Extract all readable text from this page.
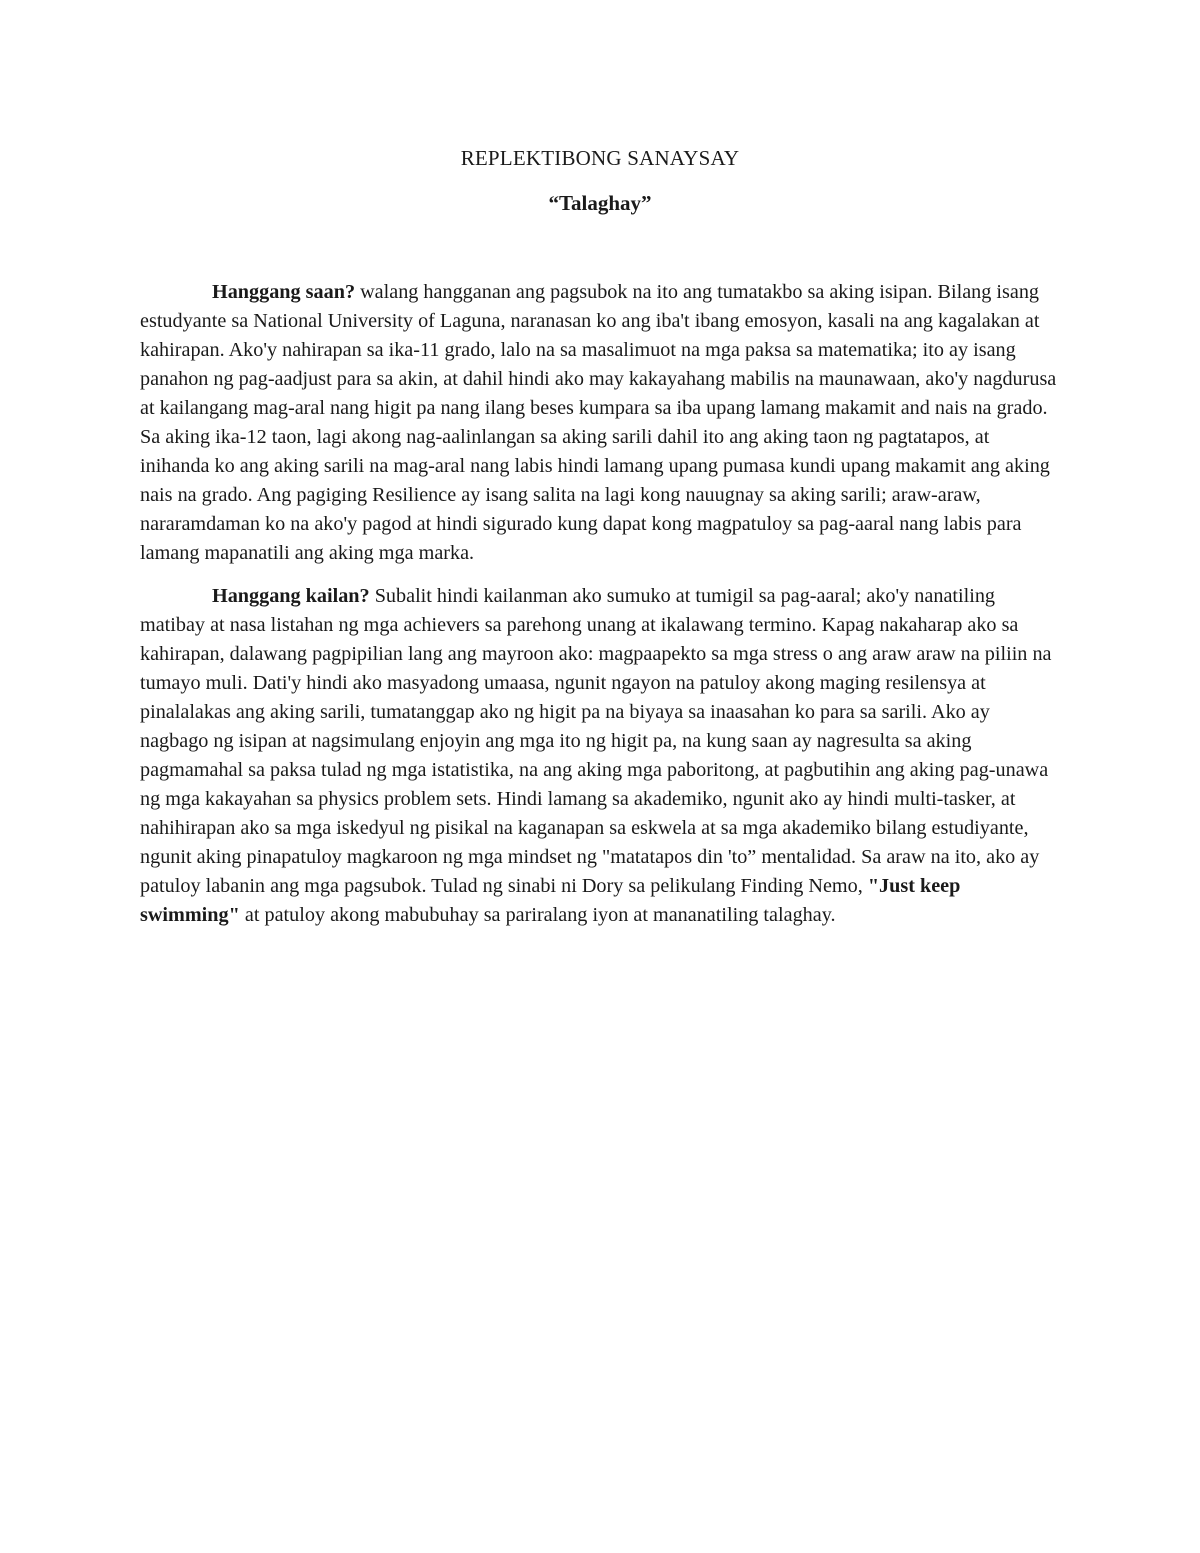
REPLEKTIBONG SANAYSAY
“Talaghay”

Hanggang saan? walang hangganan ang pagsubok na ito ang tumatakbo sa aking isipan. Bilang isang estudyante sa National University of Laguna, naranasan ko ang iba't ibang emosyon, kasali na ang kagalakan at kahirapan. Ako'y nahirapan sa ika-11 grado, lalo na sa masalimuot na mga paksa sa matematika; ito ay isang panahon ng pag-aadjust para sa akin, at dahil hindi ako may kakayahang mabilis na maunawaan, ako'y nagdurusa at kailangang mag-aral nang higit pa nang ilang beses kumpara sa iba upang lamang makamit and nais na grado. Sa aking ika-12 taon, lagi akong nag-aalinlangan sa aking sarili dahil ito ang aking taon ng pagtatapos, at inihanda ko ang aking sarili na mag-aral nang labis hindi lamang upang pumasa kundi upang makamit ang aking nais na grado. Ang pagiging Resilience ay isang salita na lagi kong nauugnay sa aking sarili; araw-araw, nararamdaman ko na ako'y pagod at hindi sigurado kung dapat kong magpatuloy sa pag-aaral nang labis para lamang mapanatili ang aking mga marka.

Hanggang kailan? Subalit hindi kailanman ako sumuko at tumigil sa pag-aaral; ako'y nanatiling matibay at nasa listahan ng mga achievers sa parehong unang at ikalawang termino. Kapag nakaharap ako sa kahirapan, dalawang pagpipilian lang ang mayroon ako: magpaapekto sa mga stress o ang araw araw na piliin na tumayo muli. Dati'y hindi ako masyadong umaasa, ngunit ngayon na patuloy akong maging resilensya at pinalalakas ang aking sarili, tumatanggap ako ng higit pa na biyaya sa inaasahan ko para sa sarili. Ako ay nagbago ng isipan at nagsimulang enjoyin ang mga ito ng higit pa, na kung saan ay nagresulta sa aking pagmamahal sa paksa tulad ng mga istatistika, na ang aking mga paboritong, at pagbutihin ang aking pag-unawa ng mga kakayahan sa physics problem sets. Hindi lamang sa akademiko, ngunit ako ay hindi multi-tasker, at nahihirapan ako sa mga iskedyul ng pisikal na kaganapan sa eskwela at sa mga akademiko bilang estudiyante, ngunit aking pinapatuloy magkaroon ng mga mindset ng "matatapos din 'to” mentalidad. Sa araw na ito, ako ay patuloy labanin ang mga pagsubok. Tulad ng sinabi ni Dory sa pelikulang Finding Nemo, "Just keep swimming" at patuloy akong mabubuhay sa pariralang iyon at mananatiling talaghay.
